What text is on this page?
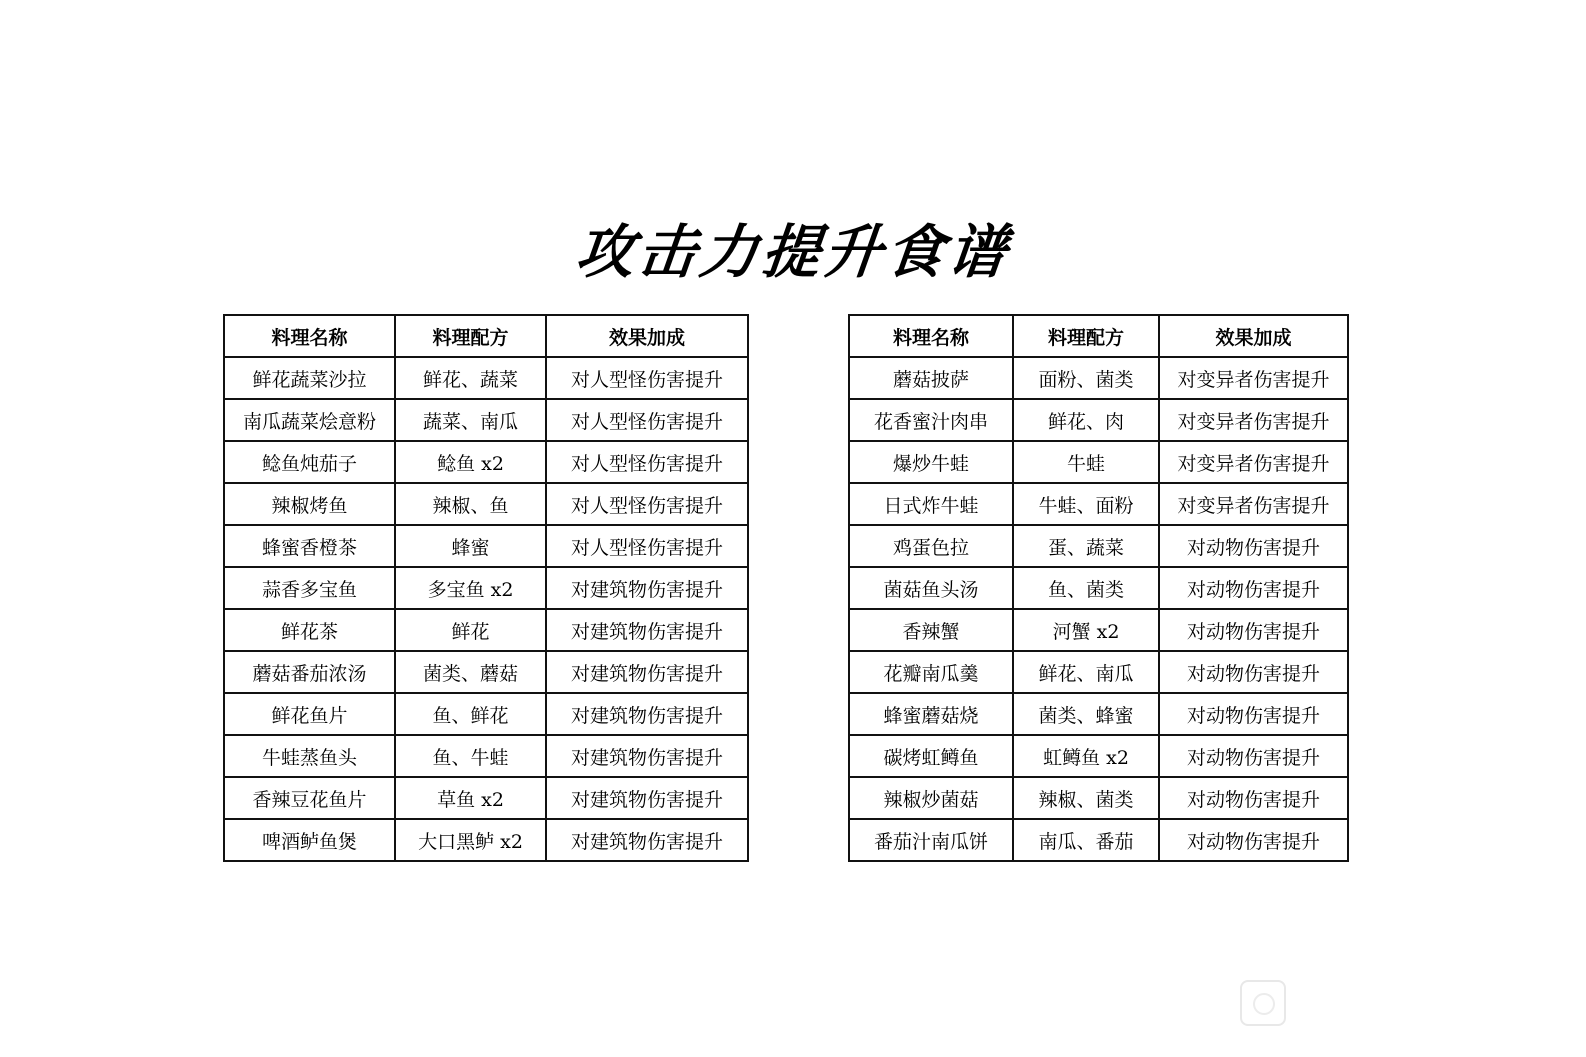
攻击力提升食谱
料理名称	料理配方	效果加成
鲜花蔬菜沙拉	鲜花、蔬菜	对人型怪伤害提升
南瓜蔬菜烩意粉	蔬菜、南瓜	对人型怪伤害提升
鲶鱼炖茄子	鲶鱼 x2	对人型怪伤害提升
辣椒烤鱼	辣椒、鱼	对人型怪伤害提升
蜂蜜香橙茶	蜂蜜	对人型怪伤害提升
蒜香多宝鱼	多宝鱼 x2	对建筑物伤害提升
鲜花茶	鲜花	对建筑物伤害提升
蘑菇番茄浓汤	菌类、蘑菇	对建筑物伤害提升
鲜花鱼片	鱼、鲜花	对建筑物伤害提升
牛蛙蒸鱼头	鱼、牛蛙	对建筑物伤害提升
香辣豆花鱼片	草鱼 x2	对建筑物伤害提升
啤酒鲈鱼煲	大口黑鲈 x2	对建筑物伤害提升
料理名称	料理配方	效果加成
蘑菇披萨	面粉、菌类	对变异者伤害提升
花香蜜汁肉串	鲜花、肉	对变异者伤害提升
爆炒牛蛙	牛蛙	对变异者伤害提升
日式炸牛蛙	牛蛙、面粉	对变异者伤害提升
鸡蛋色拉	蛋、蔬菜	对动物伤害提升
菌菇鱼头汤	鱼、菌类	对动物伤害提升
香辣蟹	河蟹 x2	对动物伤害提升
花瓣南瓜羹	鲜花、南瓜	对动物伤害提升
蜂蜜蘑菇烧	菌类、蜂蜜	对动物伤害提升
碳烤虹鳟鱼	虹鳟鱼 x2	对动物伤害提升
辣椒炒菌菇	辣椒、菌类	对动物伤害提升
番茄汁南瓜饼	南瓜、番茄	对动物伤害提升
